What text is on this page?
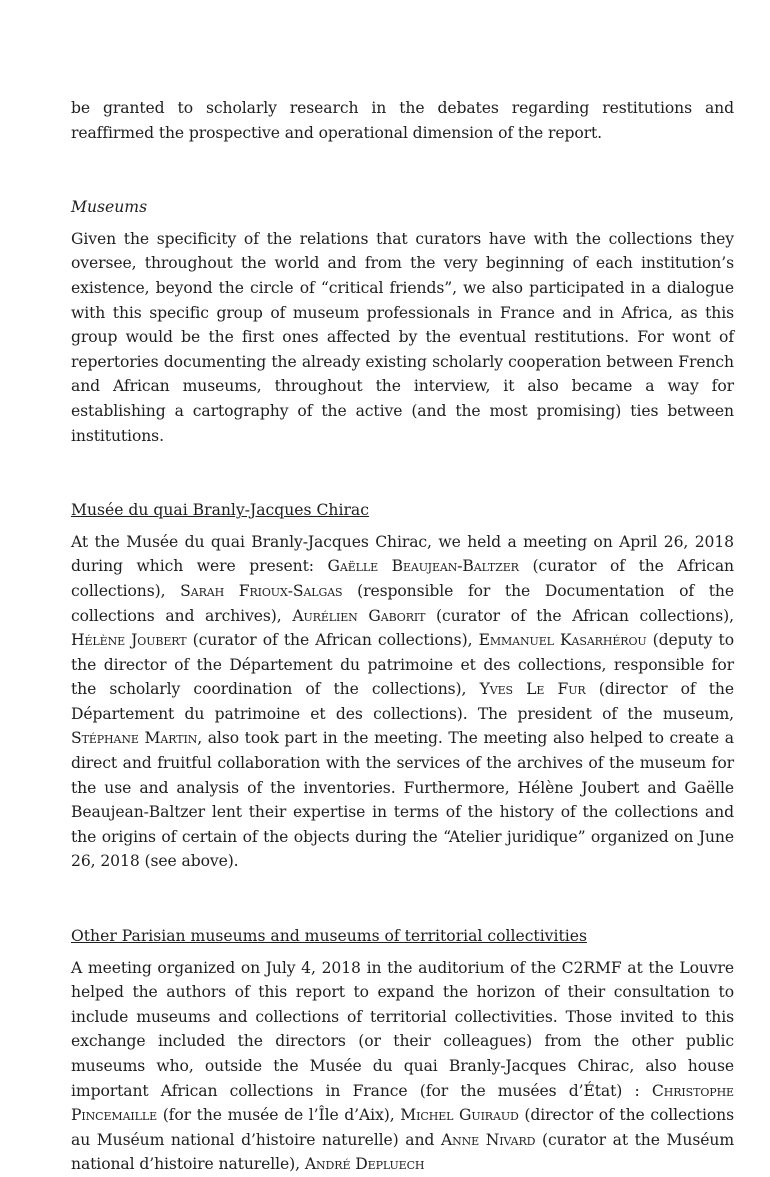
be granted to scholarly research in the debates regarding restitutions and reaffirmed the prospective and operational dimension of the report.

Museums

Given the specificity of the relations that curators have with the collections they oversee, throughout the world and from the very beginning of each institution’s existence, beyond the circle of “critical friends”, we also participated in a dialogue with this specific group of museum professionals in France and in Africa, as this group would be the first ones affected by the eventual restitutions. For wont of repertories documenting the already existing scholarly cooperation between French and African museums, throughout the interview, it also became a way for establishing a cartography of the active (and the most promising) ties between institutions.

Musée du quai Branly-Jacques Chirac

At the Musée du quai Branly-Jacques Chirac, we held a meeting on April 26, 2018 during which were present: Gaëlle Beaujean-Baltzer (curator of the African collections), Sarah Frioux-Salgas (responsible for the Documentation of the collections and archives), Aurélien Gaborit (curator of the African collections), Hélène Joubert (curator of the African collections), Emmanuel Kasarhérou (deputy to the director of the Département du patrimoine et des collections, responsible for the scholarly coordination of the collections), Yves Le Fur (director of the Département du patrimoine et des collections). The president of the museum, Stéphane Martin, also took part in the meeting. The meeting also helped to create a direct and fruitful collaboration with the services of the archives of the museum for the use and analysis of the inventories. Furthermore, Hélène Joubert and Gaëlle Beaujean-Baltzer lent their expertise in terms of the history of the collections and the origins of certain of the objects during the “Atelier juridique” organized on June 26, 2018 (see above).

Other Parisian museums and museums of territorial collectivities

A meeting organized on July 4, 2018 in the auditorium of the C2RMF at the Louvre helped the authors of this report to expand the horizon of their consultation to include museums and collections of territorial collectivities. Those invited to this exchange included the directors (or their colleagues) from the other public museums who, outside the Musée du quai Branly-Jacques Chirac, also house important African collections in France (for the musées d’État) : Christophe Pincemaille (for the musée de l’Île d’Aix), Michel Guiraud (director of the collections au Muséum national d’histoire naturelle) and Anne Nivard (curator at the Muséum national d’histoire naturelle), André Depluech
